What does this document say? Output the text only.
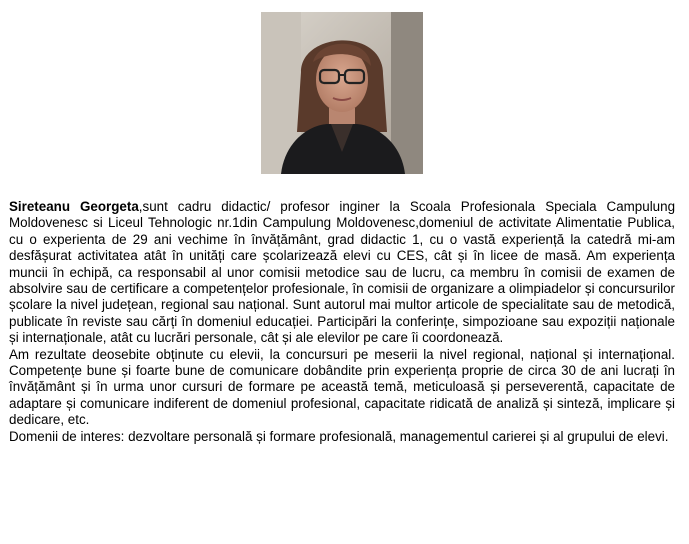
Sireteanu Georgeta,sunt cadru didactic/ profesor inginer la Scoala Profesionala Speciala Campulung Moldovenesc si Liceul Tehnologic nr.1din Campulung Moldovenesc,domeniul de activitate Alimentatie Publica, cu o experienta de 29 ani vechime în învățământ, grad didactic 1, cu o vastă experiență la catedră mi-am desfășurat activitatea atât în unități care școlarizează elevi cu CES, cât și în licee de masă. Am experiența muncii în echipă, ca responsabil al unor comisii metodice sau de lucru, ca membru în comisii de examen de absolvire sau de certificare a competențelor profesionale, în comisii de organizare a olimpiadelor și concursurilor școlare la nivel județean, regional sau național. Sunt autorul mai multor articole de specialitate sau de metodică, publicate în reviste sau cărți în domeniul educației. Participări la conferințe, simpozioane sau expoziții naționale și internaționale, atât cu lucrări personale, cât și ale elevilor pe care îi coordonează.

Am rezultate deosebite obținute cu elevii, la concursuri pe meserii la nivel regional, național și internațional. Competențe bune și foarte bune de comunicare dobândite prin experiența proprie de circa 30 de ani lucrați în învățământ și în urma unor cursuri de formare pe această temă, meticuloasă și perseverentă, capacitate de adaptare și comunicare indiferent de domeniul profesional, capacitate ridicată de analiză și sinteză, implicare și dedicare, etc.

Domenii de interes: dezvoltare personală și formare profesională, managementul carierei și al grupului de elevi.
